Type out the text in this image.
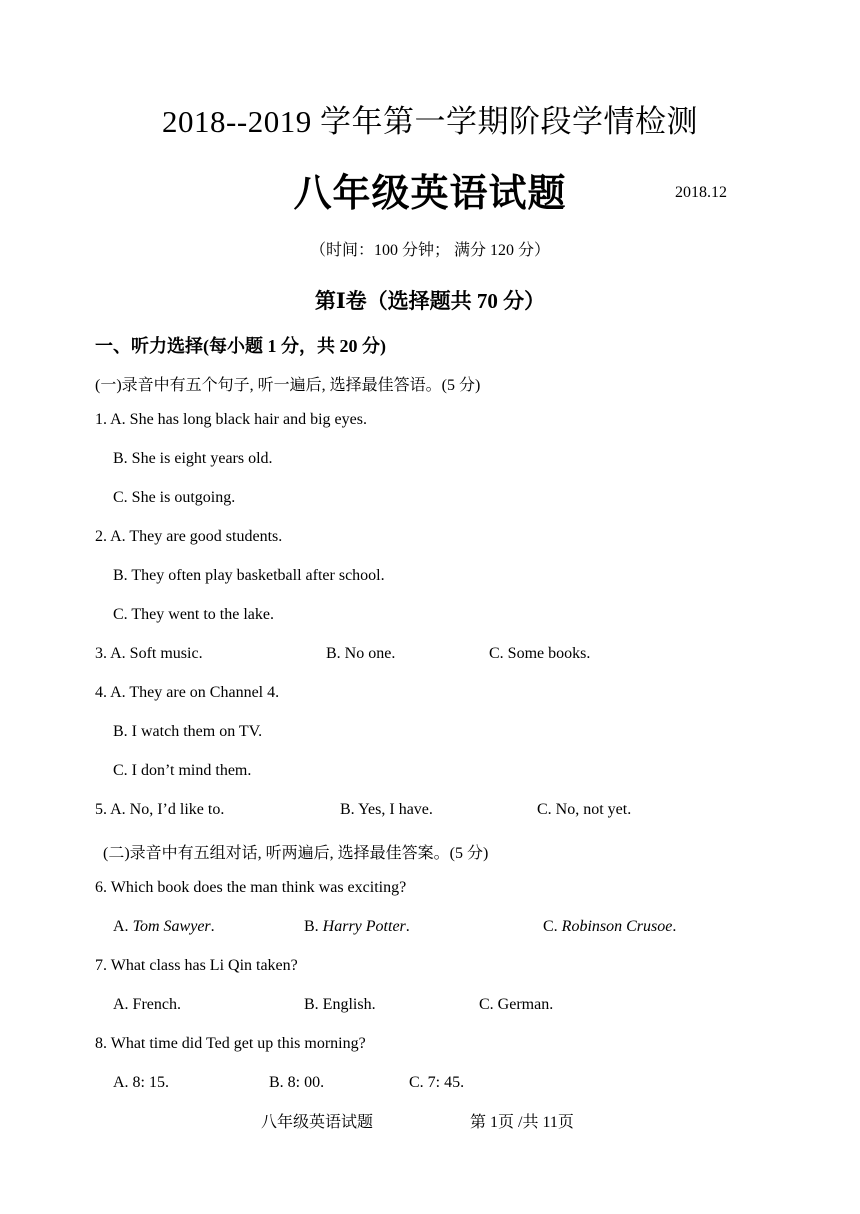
2018--2019 学年第一学期阶段学情检测
八年级英语试题	2018.12
（时间：100 分钟； 满分 120 分）
第Ⅰ卷（选择题共 70 分）
一、听力选择(每小题 1 分，共 20 分)
(一)录音中有五个句子, 听一遍后, 选择最佳答语。(5 分)
1. A. She has long black hair and big eyes.
B. She is eight years old.
C. She is outgoing.
2. A. They are good students.
B. They often play basketball after school.
C. They went to the lake.
3. A. Soft music.	B. No one.	C. Some books.
4. A. They are on Channel 4.
B. I watch them on TV.
C. I don’t mind them.
5. A. No, I’d like to.	B. Yes, I have.	C. No, not yet.
(二)录音中有五组对话, 听两遍后, 选择最佳答案。(5 分)
6. Which book does the man think was exciting?
A. Tom Sawyer.	B. Harry Potter.	C. Robinson Crusoe.
7. What class has Li Qin taken?
A. French.	B. English.	C. German.
8. What time did Ted get up this morning?
A. 8: 15.	B. 8: 00.	C. 7: 45.
八年级英语试题	第 1页 /共 11页
